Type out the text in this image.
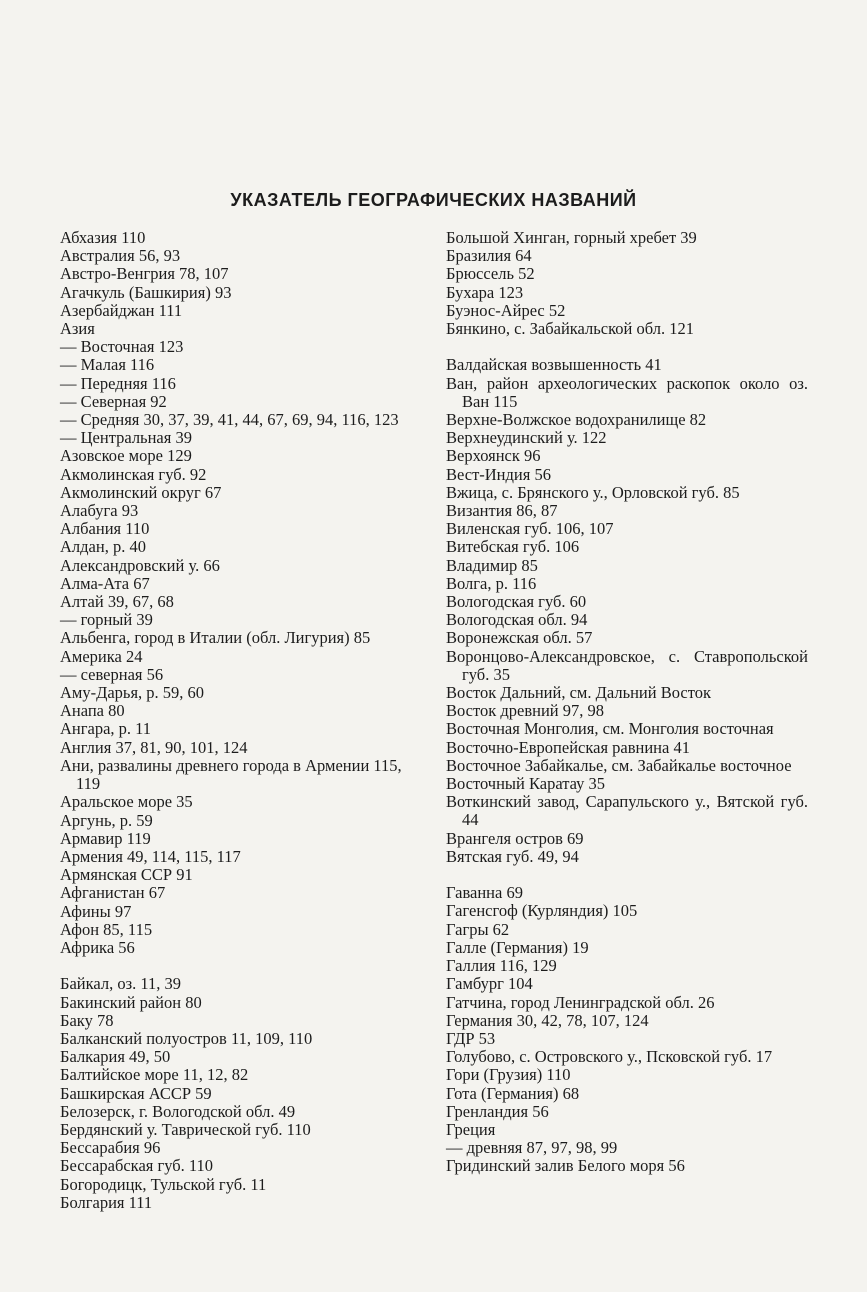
УКАЗАТЕЛЬ ГЕОГРАФИЧЕСКИХ НАЗВАНИЙ
Абхазия 110
Австралия 56, 93
Австро-Венгрия 78, 107
Агачкуль (Башкирия) 93
Азербайджан 111
Азия
— Восточная 123
— Малая 116
— Передняя 116
— Северная 92
— Средняя 30, 37, 39, 41, 44, 67, 69, 94, 116, 123
— Центральная 39
Азовское море 129
Акмолинская губ. 92
Акмолинский округ 67
Алабуга 93
Албания 110
Алдан, р. 40
Александровский у. 66
Алма-Ата 67
Алтай 39, 67, 68
— горный 39
Альбенга, город в Италии (обл. Лигурия) 85
Америка 24
— северная 56
Аму-Дарья, р. 59, 60
Анапа 80
Ангара, р. 11
Англия 37, 81, 90, 101, 124
Ани, развалины древнего города в Армении 115, 119
Аральское море 35
Аргунь, р. 59
Армавир 119
Армения 49, 114, 115, 117
Армянская ССР 91
Афганистан 67
Афины 97
Афон 85, 115
Африка 56
Байкал, оз. 11, 39
Бакинский район 80
Баку 78
Балканский полуостров 11, 109, 110
Балкария 49, 50
Балтийское море 11, 12, 82
Башкирская АССР 59
Белозерск, г. Вологодской обл. 49
Бердянский у. Таврической губ. 110
Бессарабия 96
Бессарабская губ. 110
Богородицк, Тульской губ. 11
Болгария 111
Большой Хинган, горный хребет 39
Бразилия 64
Брюссель 52
Бухара 123
Буэнос-Айрес 52
Бянкино, с. Забайкальской обл. 121
Валдайская возвышенность 41
Ван, район археологических раскопок около оз. Ван 115
Верхне-Волжское водохранилище 82
Верхнеудинский у. 122
Верхоянск 96
Вест-Индия 56
Вжица, с. Брянского у., Орловской губ. 85
Византия 86, 87
Виленская губ. 106, 107
Витебская губ. 106
Владимир 85
Волга, р. 116
Вологодская губ. 60
Вологодская обл. 94
Воронежская обл. 57
Воронцово-Александровское, с. Ставропольской губ. 35
Восток Дальний, см. Дальний Восток
Восток древний 97, 98
Восточная Монголия, см. Монголия восточная
Восточно-Европейская равнина 41
Восточное Забайкалье, см. Забайкалье восточное
Восточный Каратау 35
Воткинский завод, Сарапульского у., Вятской губ. 44
Врангеля остров 69
Вятская губ. 49, 94
Гаванна 69
Гагенсгоф (Курляндия) 105
Гагры 62
Галле (Германия) 19
Галлия 116, 129
Гамбург 104
Гатчина, город Ленинградской обл. 26
Германия 30, 42, 78, 107, 124
ГДР 53
Голубово, с. Островского у., Псковской губ. 17
Гори (Грузия) 110
Гота (Германия) 68
Гренландия 56
Греция
— древняя 87, 97, 98, 99
Гридинский залив Белого моря 56
